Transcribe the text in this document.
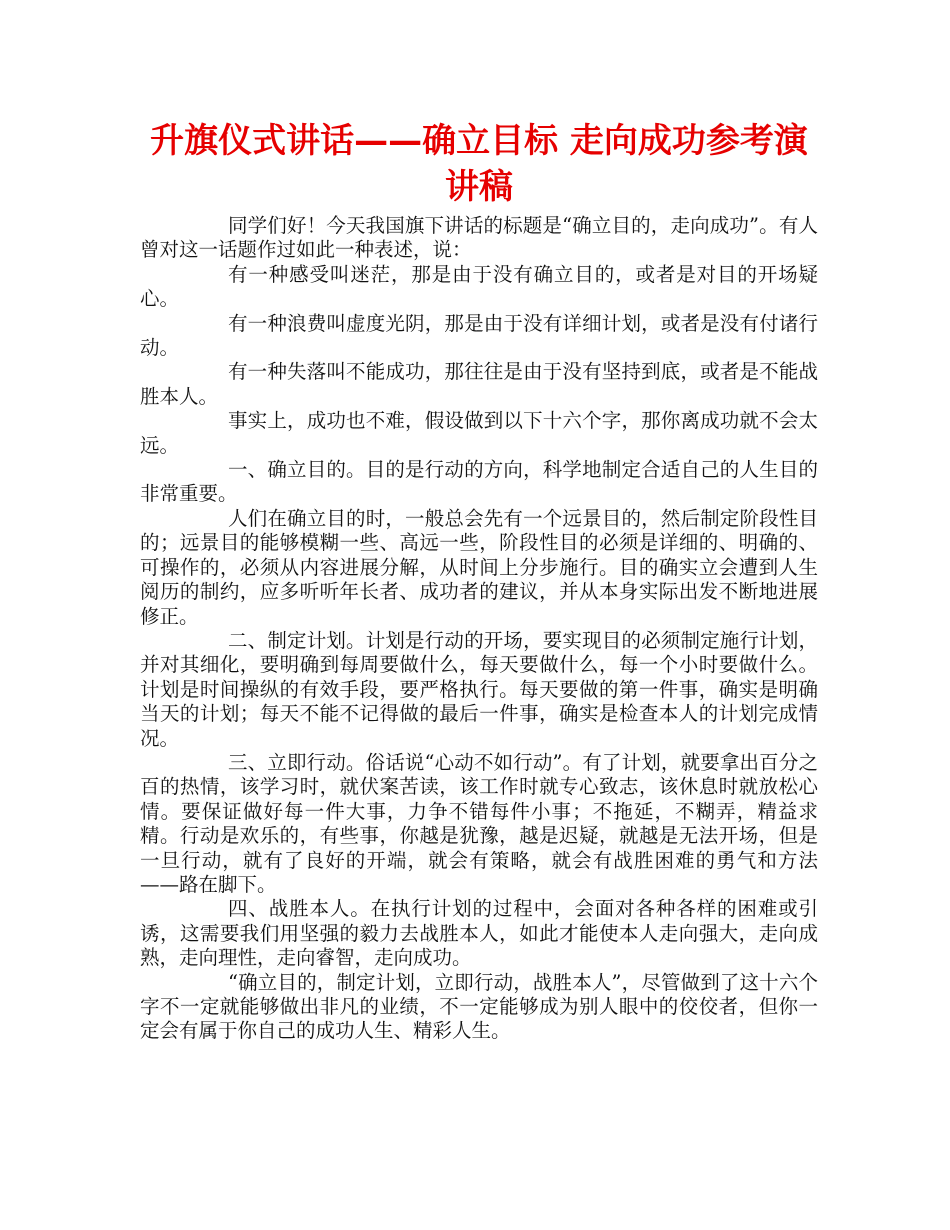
升旗仪式讲话——确立目标 走向成功参考演讲稿

同学们好！今天我国旗下讲话的标题是“确立目的，走向成功”。有人曾对这一话题作过如此一种表述，说：

有一种感受叫迷茫，那是由于没有确立目的，或者是对目的开场疑心。

有一种浪费叫虚度光阴，那是由于没有详细计划，或者是没有付诸行动。

有一种失落叫不能成功，那往往是由于没有坚持到底，或者是不能战胜本人。

事实上，成功也不难，假设做到以下十六个字，那你离成功就不会太远。

一、确立目的。目的是行动的方向，科学地制定合适自己的人生目的非常重要。

人们在确立目的时，一般总会先有一个远景目的，然后制定阶段性目的；远景目的能够模糊一些、高远一些，阶段性目的必须是详细的、明确的、可操作的，必须从内容进展分解，从时间上分步施行。目的确实立会遭到人生阅历的制约，应多听听年长者、成功者的建议，并从本身实际出发不断地进展修正。

二、制定计划。计划是行动的开场，要实现目的必须制定施行计划，并对其细化，要明确到每周要做什么，每天要做什么，每一个小时要做什么。计划是时间操纵的有效手段，要严格执行。每天要做的第一件事，确实是明确当天的计划；每天不能不记得做的最后一件事，确实是检查本人的计划完成情况。

三、立即行动。俗话说“心动不如行动”。有了计划，就要拿出百分之百的热情，该学习时，就伏案苦读，该工作时就专心致志，该休息时就放松心情。要保证做好每一件大事，力争不错每件小事；不拖延，不糊弄，精益求精。行动是欢乐的，有些事，你越是犹豫，越是迟疑，就越是无法开场，但是一旦行动，就有了良好的开端，就会有策略，就会有战胜困难的勇气和方法——路在脚下。

四、战胜本人。在执行计划的过程中，会面对各种各样的困难或引诱，这需要我们用坚强的毅力去战胜本人，如此才能使本人走向强大，走向成熟，走向理性，走向睿智，走向成功。

“确立目的，制定计划，立即行动，战胜本人”，尽管做到了这十六个字不一定就能够做出非凡的业绩，不一定能够成为别人眼中的佼佼者，但你一定会有属于你自己的成功人生、精彩人生。
